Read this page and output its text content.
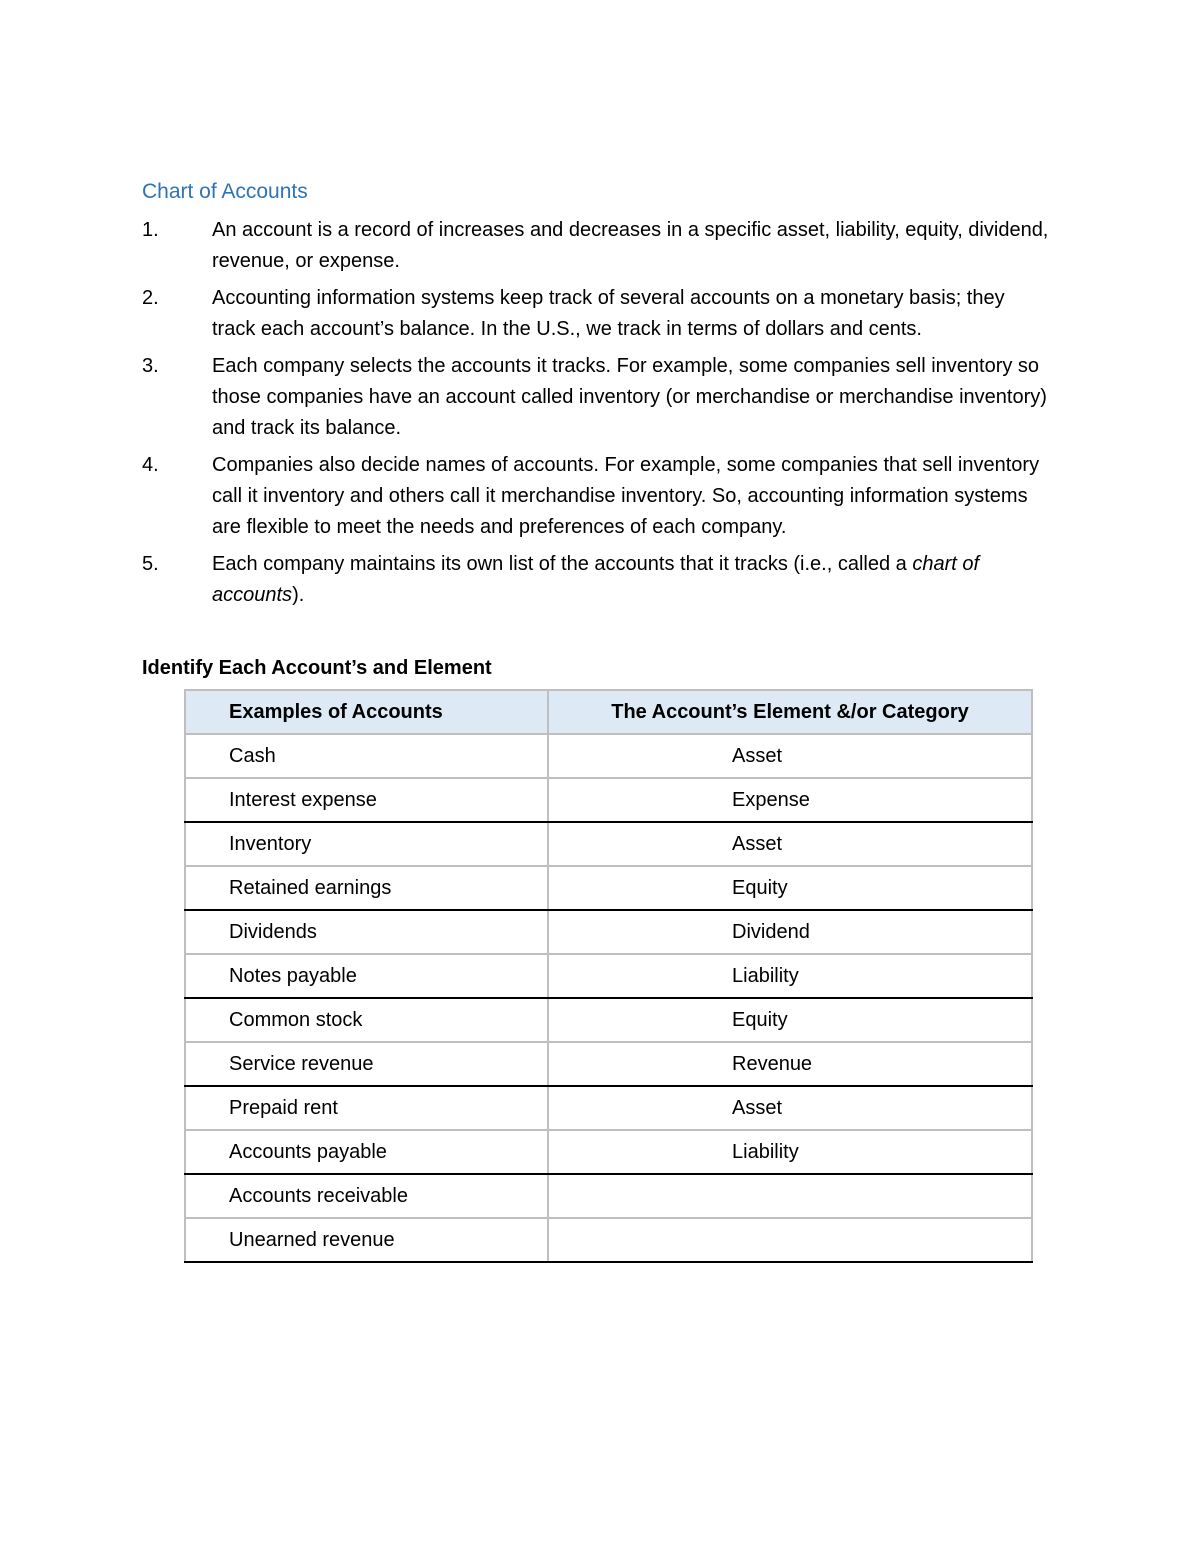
Chart of Accounts
1.	An account is a record of increases and decreases in a specific asset, liability, equity, dividend, revenue, or expense.
2.	Accounting information systems keep track of several accounts on a monetary basis; they track each account’s balance. In the U.S., we track in terms of dollars and cents.
3.	Each company selects the accounts it tracks. For example, some companies sell inventory so those companies have an account called inventory (or merchandise or merchandise inventory) and track its balance.
4.	Companies also decide names of accounts. For example, some companies that sell inventory call it inventory and others call it merchandise inventory. So, accounting information systems are flexible to meet the needs and preferences of each company.
5.	Each company maintains its own list of the accounts that it tracks (i.e., called a chart of accounts).
Identify Each Account’s and Element
Examples of Accounts	The Account’s Element &/or Category
Cash	Asset
Interest expense	Expense
Inventory	Asset
Retained earnings	Equity
Dividends	Dividend
Notes payable	Liability
Common stock	Equity
Service revenue	Revenue
Prepaid rent	Asset
Accounts payable	Liability
Accounts receivable	
Unearned revenue	
